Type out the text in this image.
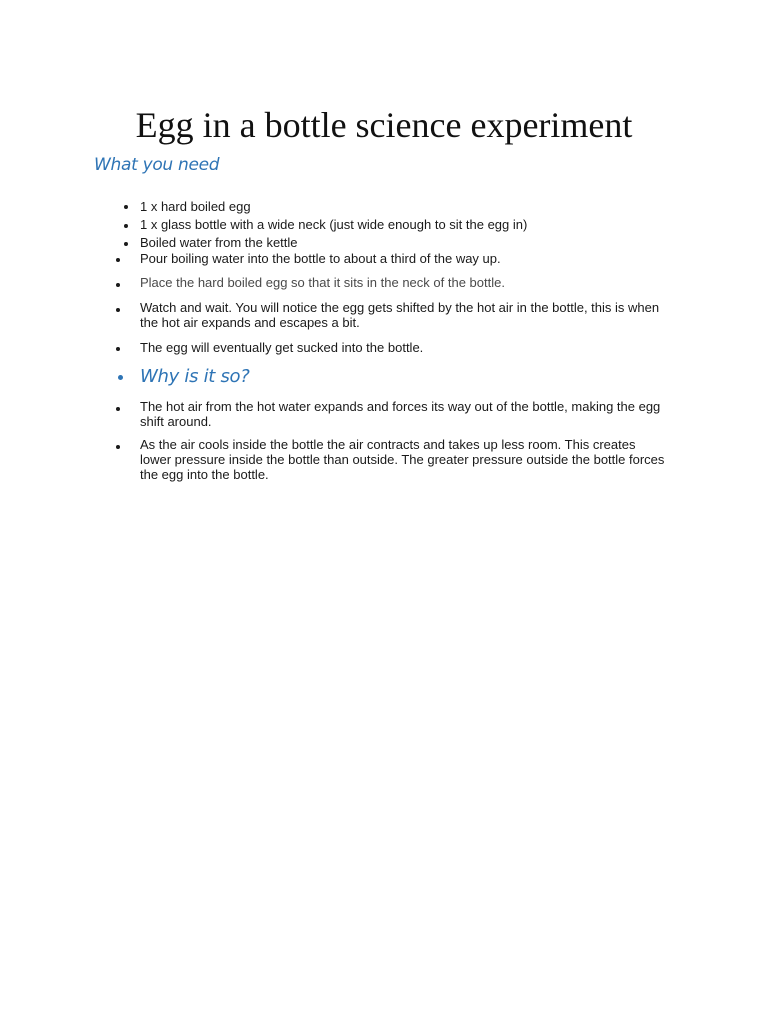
Egg in a bottle science experiment
What you need
1 x hard boiled egg
1 x glass bottle with a wide neck (just wide enough to sit the egg in)
Boiled water from the kettle
Pour boiling water into the bottle to about a third of the way up.
Place the hard boiled egg so that it sits in the neck of the bottle.
Watch and wait. You will notice the egg gets shifted by the hot air in the bottle, this is when the hot air expands and escapes a bit.
The egg will eventually get sucked into the bottle.
Why is it so?
The hot air from the hot water expands and forces its way out of the bottle, making the egg shift around.
As the air cools inside the bottle the air contracts and takes up less room. This creates lower pressure inside the bottle than outside. The greater pressure outside the bottle forces the egg into the bottle.
